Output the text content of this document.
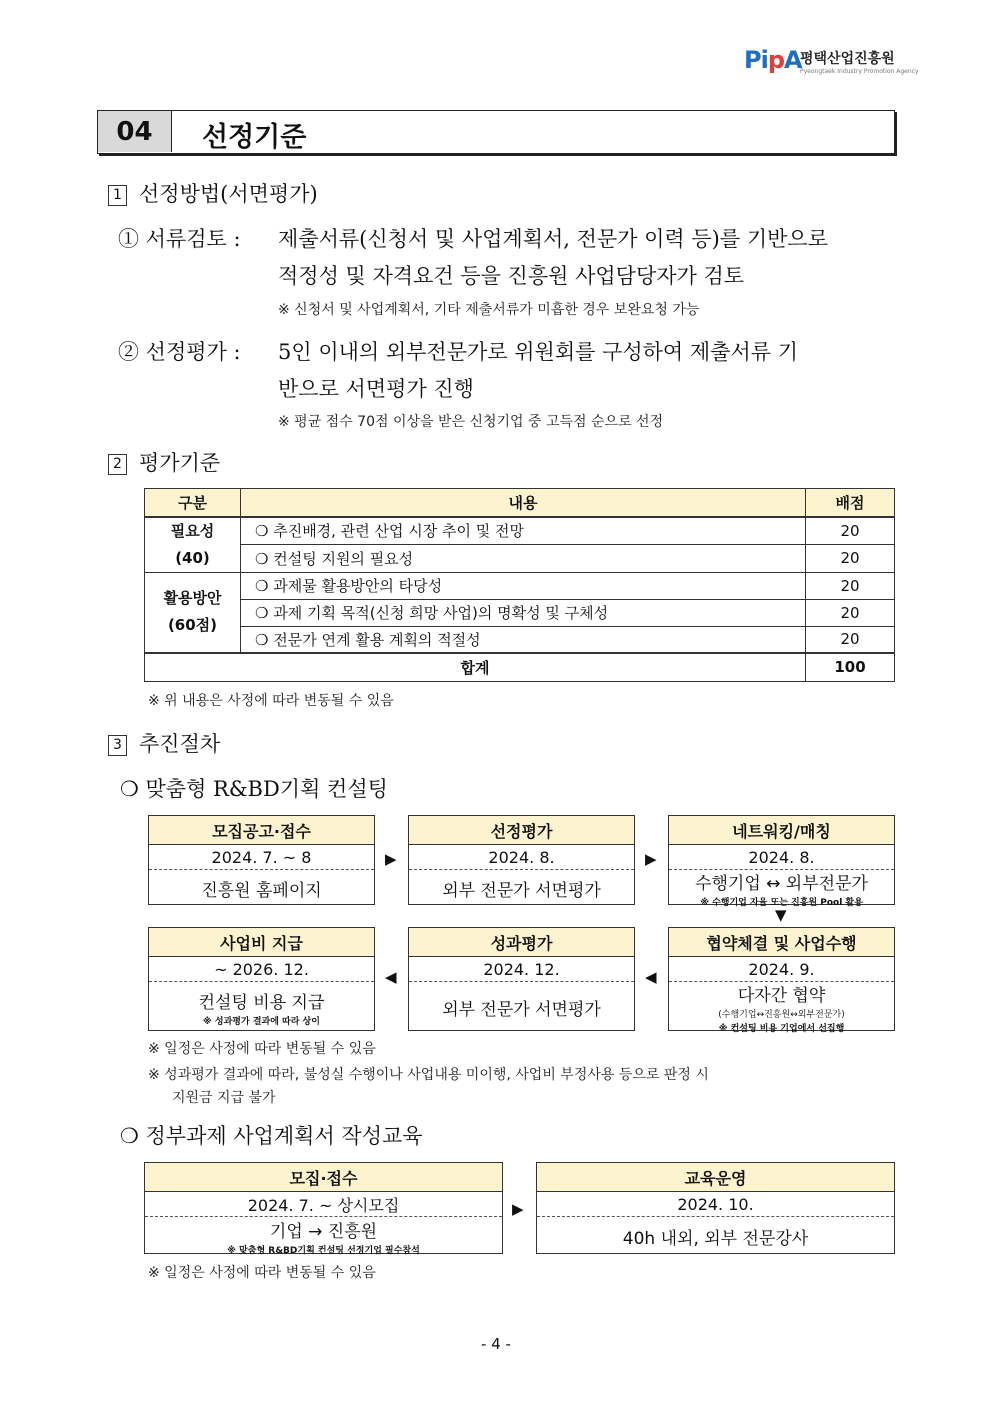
PipA
평택산업진흥원
Pyeongtaek Industry Promotion Agency
04	선정기준
1 선정방법(서면평가)
① 서류검토 : 제출서류(신청서 및 사업계획서, 전문가 이력 등)를 기반으로
적정성 및 자격요건 등을 진흥원 사업담당자가 검토
※ 신청서 및 사업계획서, 기타 제출서류가 미흡한 경우 보완요청 가능
② 선정평가 : 5인 이내의 외부전문가로 위원회를 구성하여 제출서류 기
반으로 서면평가 진행
※ 평균 점수 70점 이상을 받은 신청기업 중 고득점 순으로 선정
2 평가기준
구분	내용	배점
필요성
(40)	❍ 추진배경, 관련 산업 시장 추이 및 전망	20
	❍ 컨설팅 지원의 필요성	20
활용방안
(60점)	❍ 과제물 활용방안의 타당성	20
	❍ 과제 기획 목적(신청 희망 사업)의 명확성 및 구체성	20
	❍ 전문가 연계 활용 계획의 적절성	20
합계		100
※ 위 내용은 사정에 따라 변동될 수 있음
3 추진절차
❍ 맞춤형 R&BD기획 컨설팅
모집공고·접수
2024. 7. ~ 8
진흥원 홈페이지
▶
선정평가
2024. 8.
외부 전문가 서면평가
▶
네트워킹/매칭
2024. 8.
수행기업 ↔ 외부전문가
※ 수행기업 자율 또는 진흥원 Pool 활용
▼
사업비 지급
~ 2026. 12.
컨설팅 비용 지급
※ 성과평가 결과에 따라 상이
◀
성과평가
2024. 12.
외부 전문가 서면평가
◀
협약체결 및 사업수행
2024. 9.
다자간 협약
(수행기업↔진흥원↔외부전문가)
※ 컨설팅 비용 기업에서 선집행
※ 일정은 사정에 따라 변동될 수 있음
※ 성과평가 결과에 따라, 불성실 수행이나 사업내용 미이행, 사업비 부정사용 등으로 판정 시
지원금 지급 불가
❍ 정부과제 사업계획서 작성교육
모집·접수
2024. 7. ~ 상시모집
기업 → 진흥원
※ 맞춤형 R&BD기획 컨설팅 선정기업 필수참석
▶
교육운영
2024. 10.
40h 내외, 외부 전문강사
※ 일정은 사정에 따라 변동될 수 있음
- 4 -
